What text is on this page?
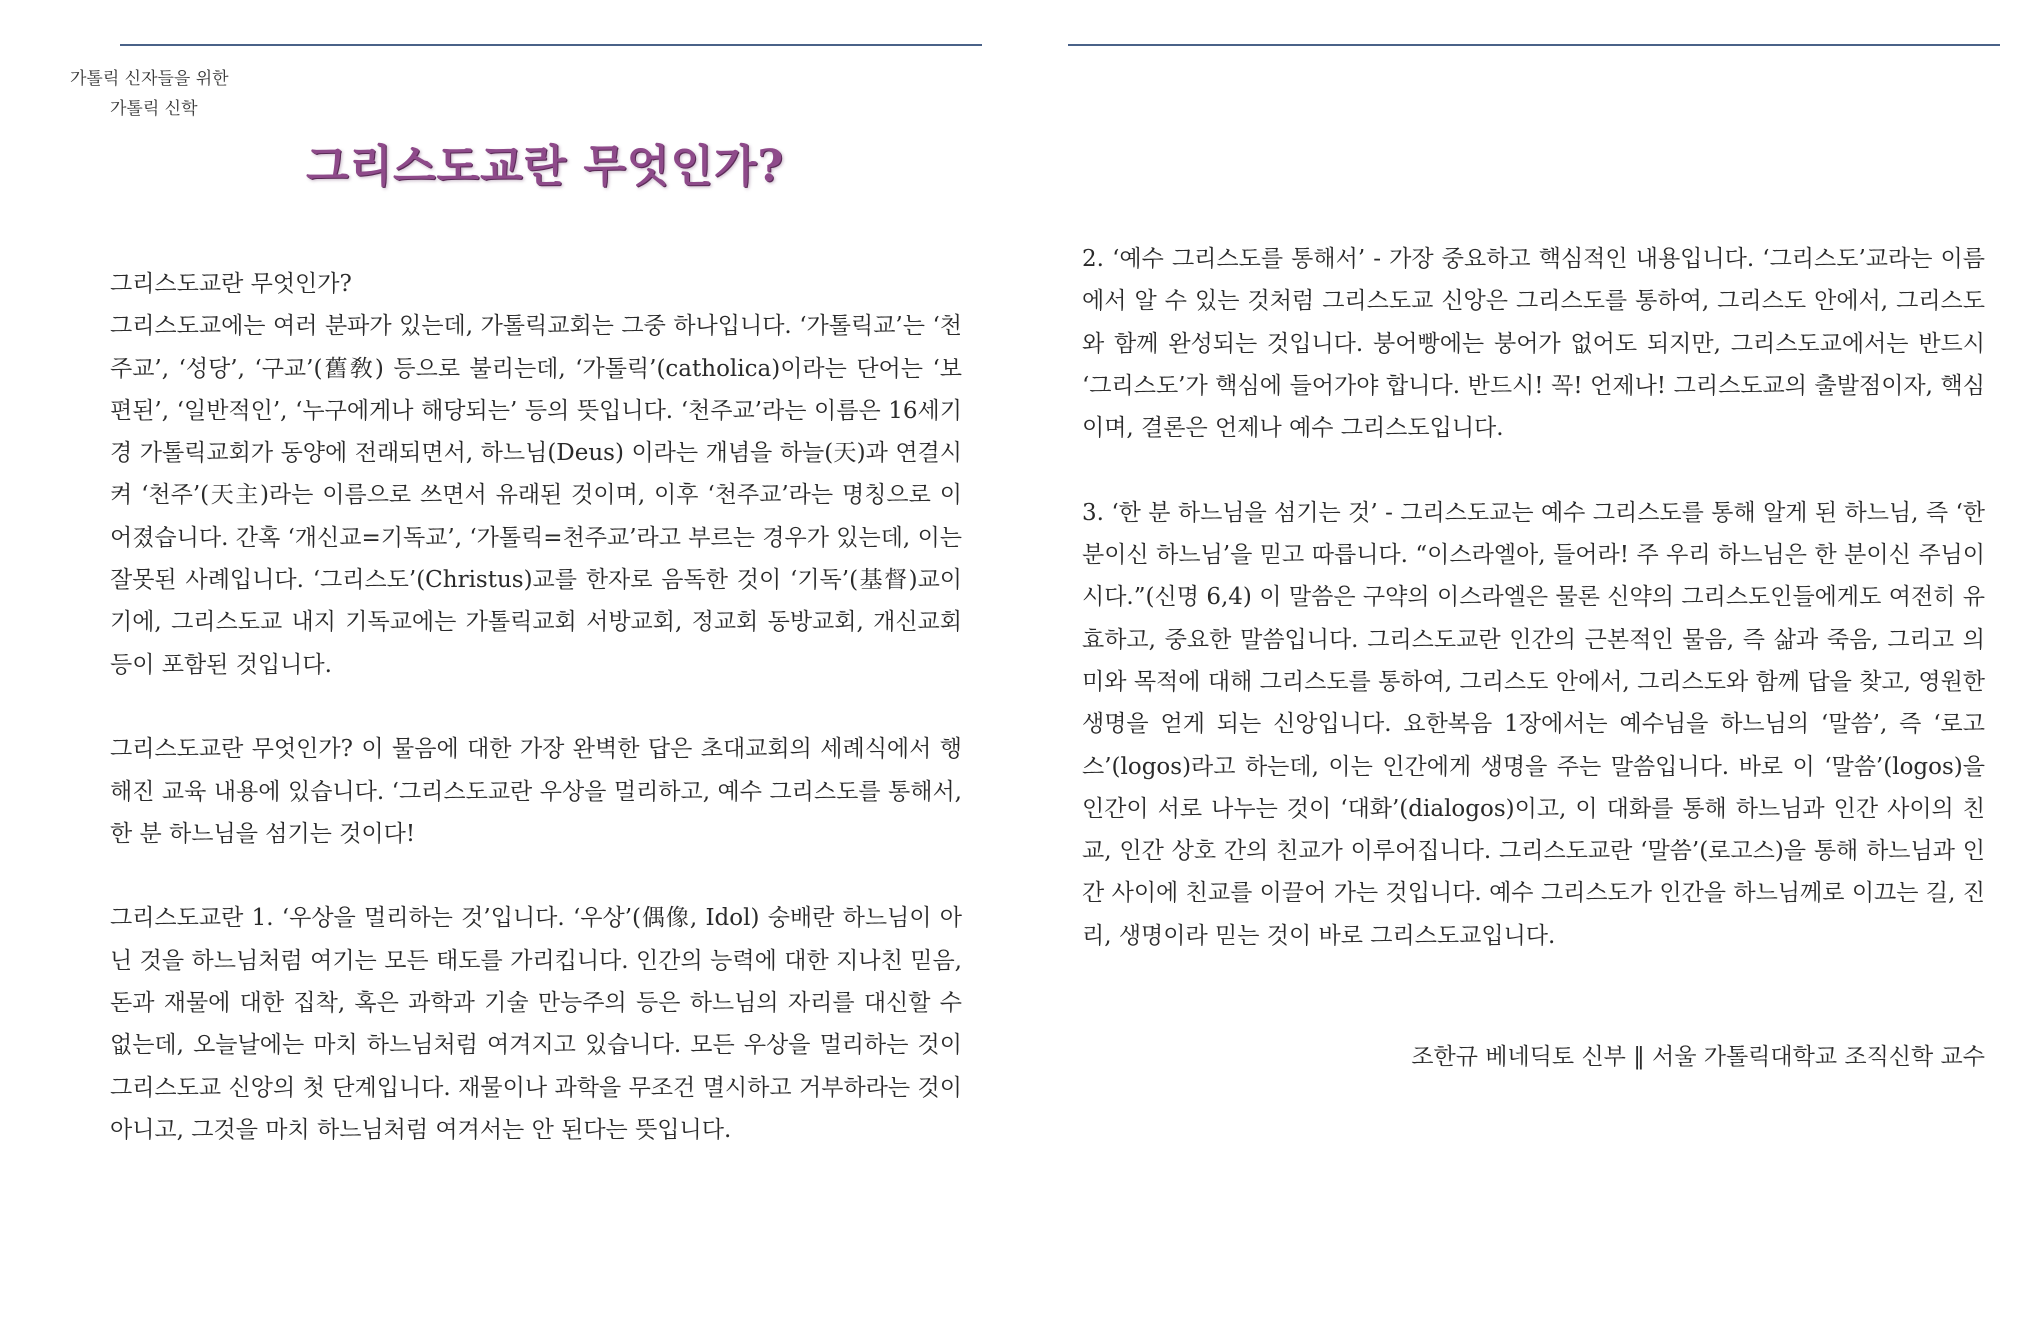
가톨릭 신자들을 위한
가톨릭 신학
그리스도교란 무엇인가?

그리스도교란 무엇인가?

그리스도교에는 여러 분파가 있는데, 가톨릭교회는 그중 하나입니다. ‘가톨릭교’는 ‘천주교’, ‘성당’, ‘구교’(舊敎) 등으로 불리는데, ‘가톨릭’(catholica)이라는 단어는 ‘보편된’, ‘일반적인’, ‘누구에게나 해당되는’ 등의 뜻입니다. ‘천주교’라는 이름은 16세기경 가톨릭교회가 동양에 전래되면서, 하느님(Deus) 이라는 개념을 하늘(天)과 연결시켜 ‘천주’(天主)라는 이름으로 쓰면서 유래된 것이며, 이후 ‘천주교’라는 명칭으로 이어졌습니다. 간혹 ‘개신교=기독교’, ‘가톨릭=천주교’라고 부르는 경우가 있는데, 이는 잘못된 사례입니다. ‘그리스도’(Christus)교를 한자로 음독한 것이 ‘기독’(基督)교이기에, 그리스도교 내지 기독교에는 가톨릭교회 서방교회, 정교회 동방교회, 개신교회 등이 포함된 것입니다.

그리스도교란 무엇인가? 이 물음에 대한 가장 완벽한 답은 초대교회의 세례식에서 행해진 교육 내용에 있습니다. ‘그리스도교란 우상을 멀리하고, 예수 그리스도를 통해서, 한 분 하느님을 섬기는 것이다!

그리스도교란 1. ‘우상을 멀리하는 것’입니다. ‘우상’(偶像, Idol) 숭배란 하느님이 아닌 것을 하느님처럼 여기는 모든 태도를 가리킵니다. 인간의 능력에 대한 지나친 믿음, 돈과 재물에 대한 집착, 혹은 과학과 기술 만능주의 등은 하느님의 자리를 대신할 수 없는데, 오늘날에는 마치 하느님처럼 여겨지고 있습니다. 모든 우상을 멀리하는 것이 그리스도교 신앙의 첫 단계입니다. 재물이나 과학을 무조건 멸시하고 거부하라는 것이 아니고, 그것을 마치 하느님처럼 여겨서는 안 된다는 뜻입니다.

2. ‘예수 그리스도를 통해서’ - 가장 중요하고 핵심적인 내용입니다. ‘그리스도’교라는 이름에서 알 수 있는 것처럼 그리스도교 신앙은 그리스도를 통하여, 그리스도 안에서, 그리스도와 함께 완성되는 것입니다. 붕어빵에는 붕어가 없어도 되지만, 그리스도교에서는 반드시 ‘그리스도’가 핵심에 들어가야 합니다. 반드시! 꼭! 언제나! 그리스도교의 출발점이자, 핵심이며, 결론은 언제나 예수 그리스도입니다.

3. ‘한 분 하느님을 섬기는 것’ - 그리스도교는 예수 그리스도를 통해 알게 된 하느님, 즉 ‘한 분이신 하느님’을 믿고 따릅니다. “이스라엘아, 들어라! 주 우리 하느님은 한 분이신 주님이시다.”(신명 6,4) 이 말씀은 구약의 이스라엘은 물론 신약의 그리스도인들에게도 여전히 유효하고, 중요한 말씀입니다. 그리스도교란 인간의 근본적인 물음, 즉 삶과 죽음, 그리고 의미와 목적에 대해 그리스도를 통하여, 그리스도 안에서, 그리스도와 함께 답을 찾고, 영원한 생명을 얻게 되는 신앙입니다. 요한복음 1장에서는 예수님을 하느님의 ‘말씀’, 즉 ‘로고스’(logos)라고 하는데, 이는 인간에게 생명을 주는 말씀입니다. 바로 이 ‘말씀’(logos)을 인간이 서로 나누는 것이 ‘대화’(dialogos)이고, 이 대화를 통해 하느님과 인간 사이의 친교, 인간 상호 간의 친교가 이루어집니다. 그리스도교란 ‘말씀’(로고스)을 통해 하느님과 인간 사이에 친교를 이끌어 가는 것입니다. 예수 그리스도가 인간을 하느님께로 이끄는 길, 진리, 생명이라 믿는 것이 바로 그리스도교입니다.

조한규 베네딕토 신부 ‖ 서울 가톨릭대학교 조직신학 교수
